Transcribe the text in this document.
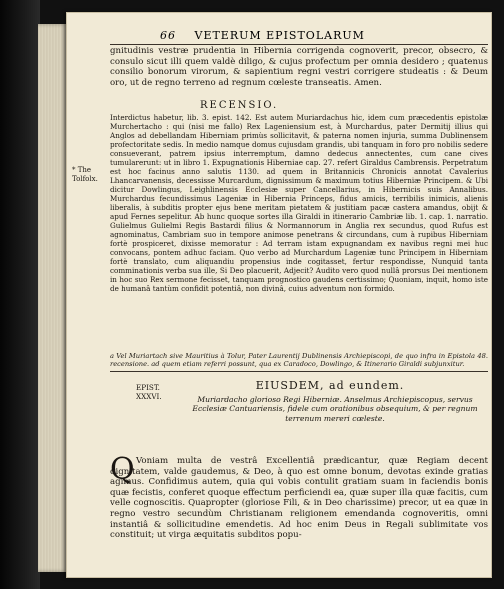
66 VETERUM EPISTOLARUM

gnitudinis vestræ prudentia in Hibernia corrigenda cognoverit, precor, obsecro, & consulo sicut illi quem valdè diligo, & cujus profectum per omnia desidero ; quatenus consilio bonorum virorum, & sapientium regni vestri corrigere studeatis : & Deum oro, ut de regno terreno ad regnum cœleste transeatis. Amen.

RECENSIO.

Interdictus habetur, lib. 3. epist. 142. Est autem Muriardachus hic, idem cum præcedentis epistolæ Murchertacho : qui (nisi me fallo) Rex Lageniensium est, à Murchardus, pater Dermitij illius qui Anglos ad debellandam Hiberniam primùs sollicitavit, & paterna nomen injuria, summa Dublinensem profectoritate sedis. In medio namque domus cujusdam grandis, ubi tanquam in foro pro nobilis sedere consueverant, patrem ipsius interremptum, damno dedecus annectentes, cum cane cives tumularerunt: ut in libro 1. Expugnationis Hiberniae cap. 27. refert Giraldus Cambrensis. Perpetratum est hoc facinus anno salutis 1130. ad quem in Britannicis Chronicis annotat Cavalerius Lhancarvanensis, decessisse Murcardum, dignissimum & maximum totius Hiberniæ Principem. & Ubi dicitur Dowlingus, Leighlinensis Ecclesiæ super Cancellarius, in Hibernicis suis Annalibus. Murchardus fecundissimus Lageniæ in Hibernia Princeps, fidus amicis, terribilis inimicis, alienis liberalis, à subditis propter ejus bene meritam pietatem & justitiam pacæ castera amandus, obijt & apud Fernes sepelitur. Ab hunc quoque sortes illa Giraldi in itinerario Cambriæ lib. 1. cap. 1. narratio. Gulielmus Gulielmi Regis Bastardi filius & Normannorum in Anglia rex secundus, quod Rufus est agnominatus, Cambriam suo in tempore animose penetrans & circundans, cum à rupibus Hiberniam fortè prospiceret, dixisse memoratur : Ad terram istam expugnandam ex navibus regni mei huc convocans, pontem adhuc faciam. Quo verbo ad Murchardum Lageniæ tunc Principem in Hiberniam fortè translato, cum aliquandiu propensius inde cogitasset, fertur respondisse, Nunquid tanta comminationis verba sua ille, Si Deo placuerit, Adjecit? Audito vero quod nullâ prorsus Dei mentionem in hoc suo Rex sermone fecisset, tanquam prognostico gaudens certissimo; Quoniam, inquit, homo iste de humanâ tantùm confidit potentiâ, non divinâ, cuius adventum non formido.

* The Tolfolx.

a Vel Muriartach sive Mauritius à Tolur, Pater Laurentij Dublinensis Archiepiscopi, de quo infra in Epistola 48. recensione. ad quem etiam referri possunt, qua ex Caradoco, Dowlingo, & Itinerario Giraldi subjunxitur.

EPIST.
XXXVI.
EIUSDEM, ad eundem.

Muriardacho glorioso Regi Hiberniæ. Anselmus Archiepiscopus, servus Ecclesiæ Cantuariensis, fidele cum orationibus obsequium, & per regnum terrenum mereri cœleste.

Q Voniam multa de vestrâ Excellentiâ prædicantur, quæ Regiam decent dignitatem, valde gaudemus, & Deo, à quo est omne bonum, devotas exinde gratias agimus. Confidimus autem, quia qui vobis contulit gratiam suam in faciendis bonis quæ fecistis, conferet quoque effectum perficiendi ea, quæ super illa quæ facitis, cum velle cognoscitis. Quapropter (gloriose Fili, & in Deo charissime) precor, ut ea quæ in regno vestro secundùm Christianam religionem emendanda cognoveritis, omni instantiâ & sollicitudine emendetis. Ad hoc enim Deus in Regali sublimitate vos constituit; ut virga æquitatis subditos popu-
